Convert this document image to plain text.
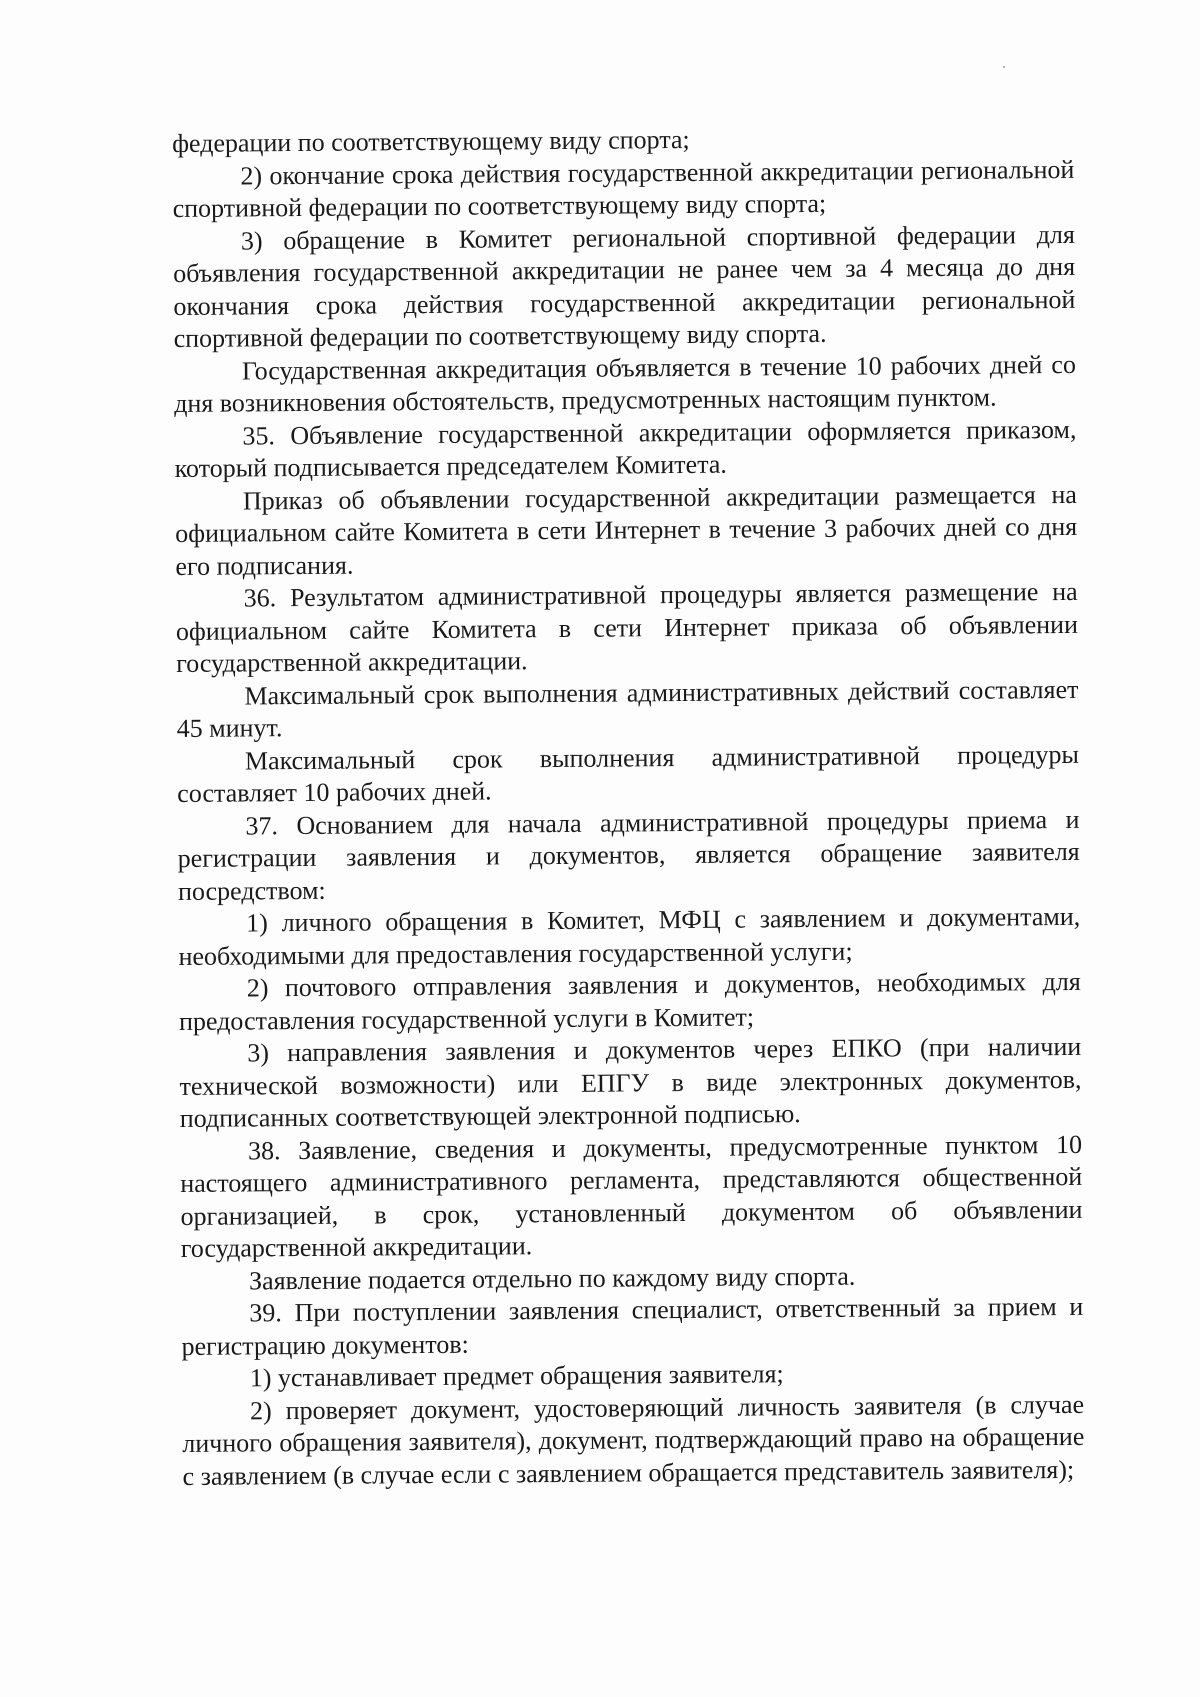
федерации по соответствующему виду спорта;

2) окончание срока действия государственной аккредитации региональной спортивной федерации по соответствующему виду спорта;

3) обращение в Комитет региональной спортивной федерации для объявления государственной аккредитации не ранее чем за 4 месяца до дня окончания срока действия государственной аккредитации региональной спортивной федерации по соответствующему виду спорта.

Государственная аккредитация объявляется в течение 10 рабочих дней со дня возникновения обстоятельств, предусмотренных настоящим пунктом.

35. Объявление государственной аккредитации оформляется приказом, который подписывается председателем Комитета.

Приказ об объявлении государственной аккредитации размещается на официальном сайте Комитета в сети Интернет в течение 3 рабочих дней со дня его подписания.

36. Результатом административной процедуры является размещение на официальном сайте Комитета в сети Интернет приказа об объявлении государственной аккредитации.

Максимальный срок выполнения административных действий составляет 45 минут.

Максимальный срок выполнения административной процедуры составляет 10 рабочих дней.

37. Основанием для начала административной процедуры приема и регистрации заявления и документов, является обращение заявителя посредством:

1) личного обращения в Комитет, МФЦ с заявлением и документами, необходимыми для предоставления государственной услуги;

2) почтового отправления заявления и документов, необходимых для предоставления государственной услуги в Комитет;

3) направления заявления и документов через ЕПКО (при наличии технической возможности) или ЕПГУ в виде электронных документов, подписанных соответствующей электронной подписью.

38. Заявление, сведения и документы, предусмотренные пунктом 10 настоящего административного регламента, представляются общественной организацией, в срок, установленный документом об объявлении государственной аккредитации.

Заявление подается отдельно по каждому виду спорта.

39. При поступлении заявления специалист, ответственный за прием и регистрацию документов:

1) устанавливает предмет обращения заявителя;

2) проверяет документ, удостоверяющий личность заявителя (в случае личного обращения заявителя), документ, подтверждающий право на обращение с заявлением (в случае если с заявлением обращается представитель заявителя);
